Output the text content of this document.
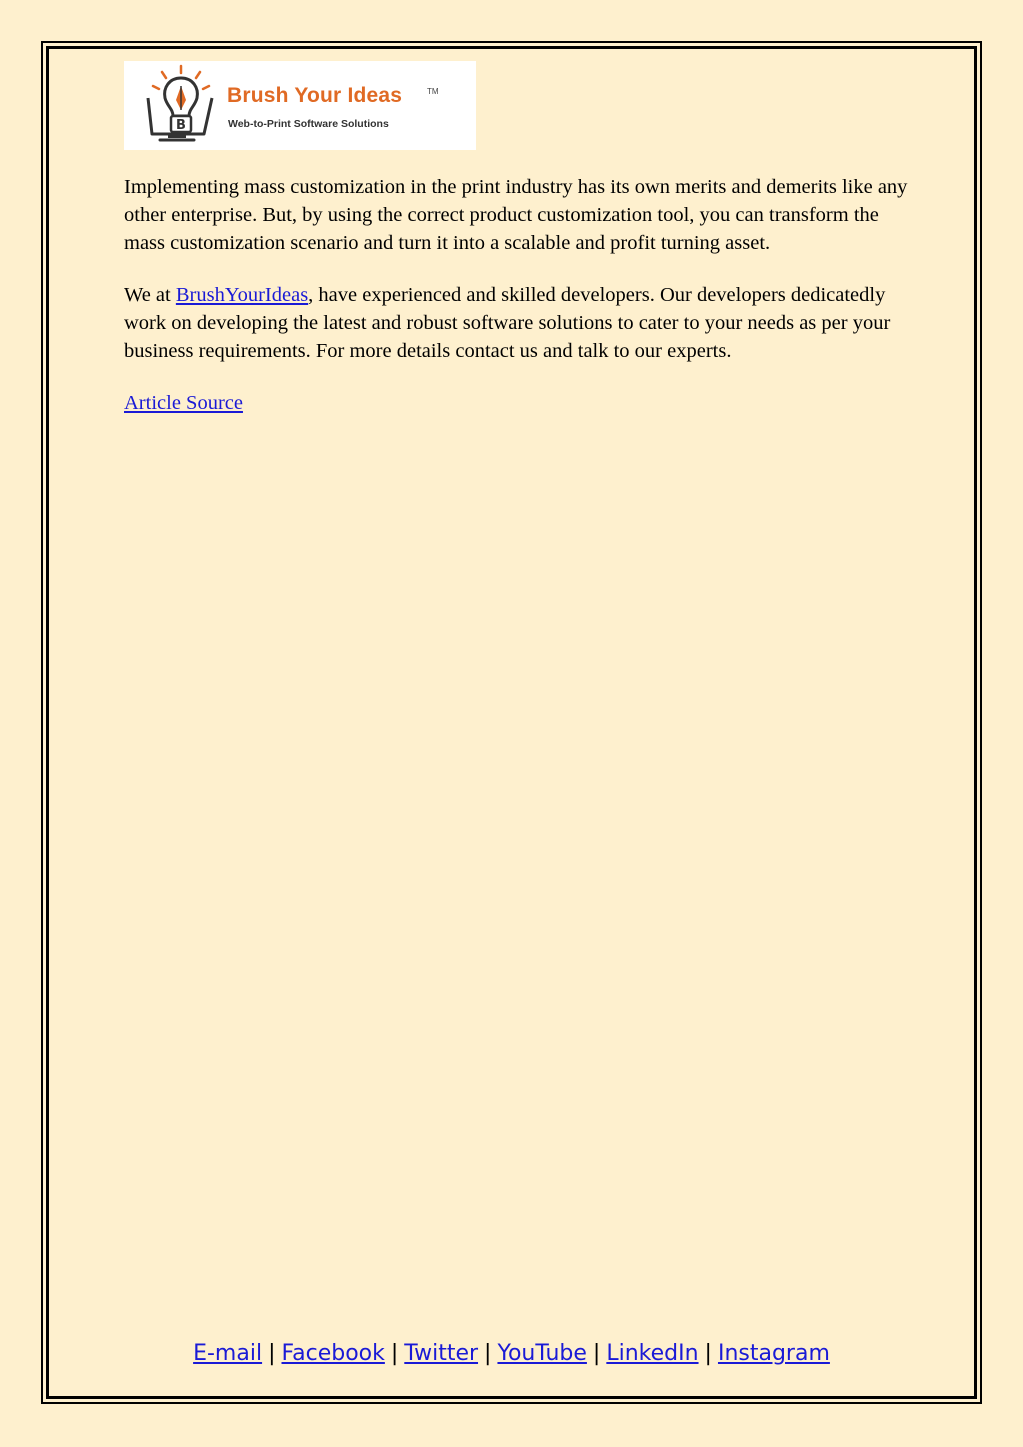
B
Brush Your Ideas	TM
Web-to-Print Software Solutions

Implementing mass customization in the print industry has its own merits and demerits like any other enterprise. But, by using the correct product customization tool, you can transform the mass customization scenario and turn it into a scalable and profit turning asset.

We at BrushYourIdeas, have experienced and skilled developers. Our developers dedicatedly work on developing the latest and robust software solutions to cater to your needs as per your business requirements. For more details contact us and talk to our experts.

Article Source

E-mail | Facebook | Twitter | YouTube | LinkedIn | Instagram
